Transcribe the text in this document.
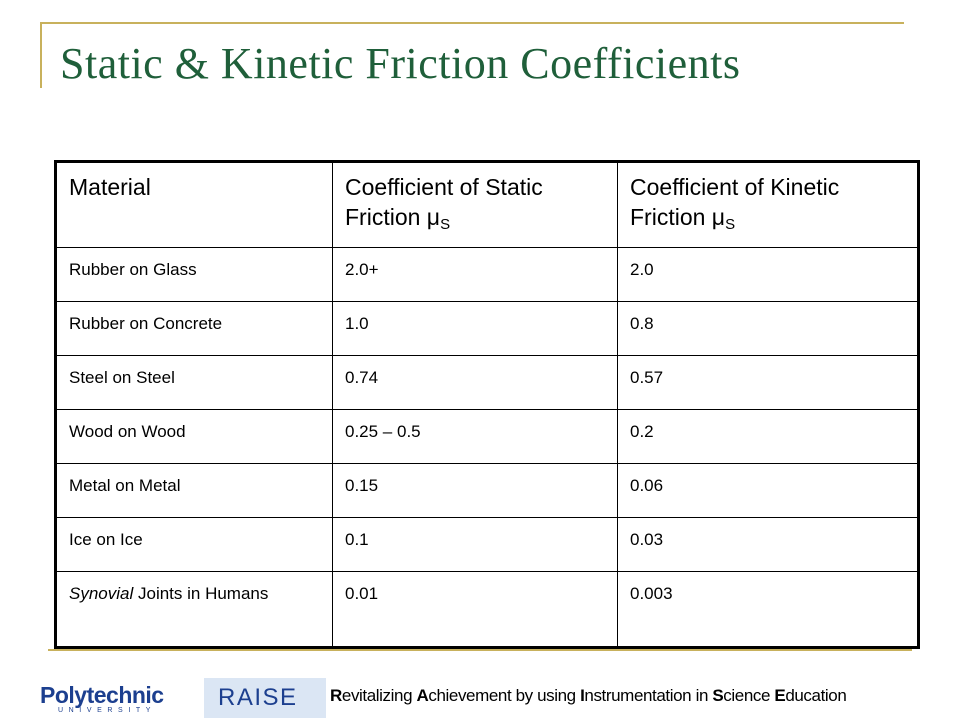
Static & Kinetic Friction Coefficients
Material	Coefficient of Static Friction $\mu_S$	Coefficient of Kinetic Friction $\mu_S$
Rubber on Glass	2.0+	2.0
Rubber on Concrete	1.0	0.8
Steel on Steel	0.74	0.57
Wood on Wood	0.25 – 0.5	0.2
Metal on Metal	0.15	0.06
Ice on Ice	0.1	0.03
Synovial Joints in Humans	0.01	0.003
Polytechnic
UNIVERSITY	RAISE Revitalizing Achievement by using Instrumentation in Science Education
